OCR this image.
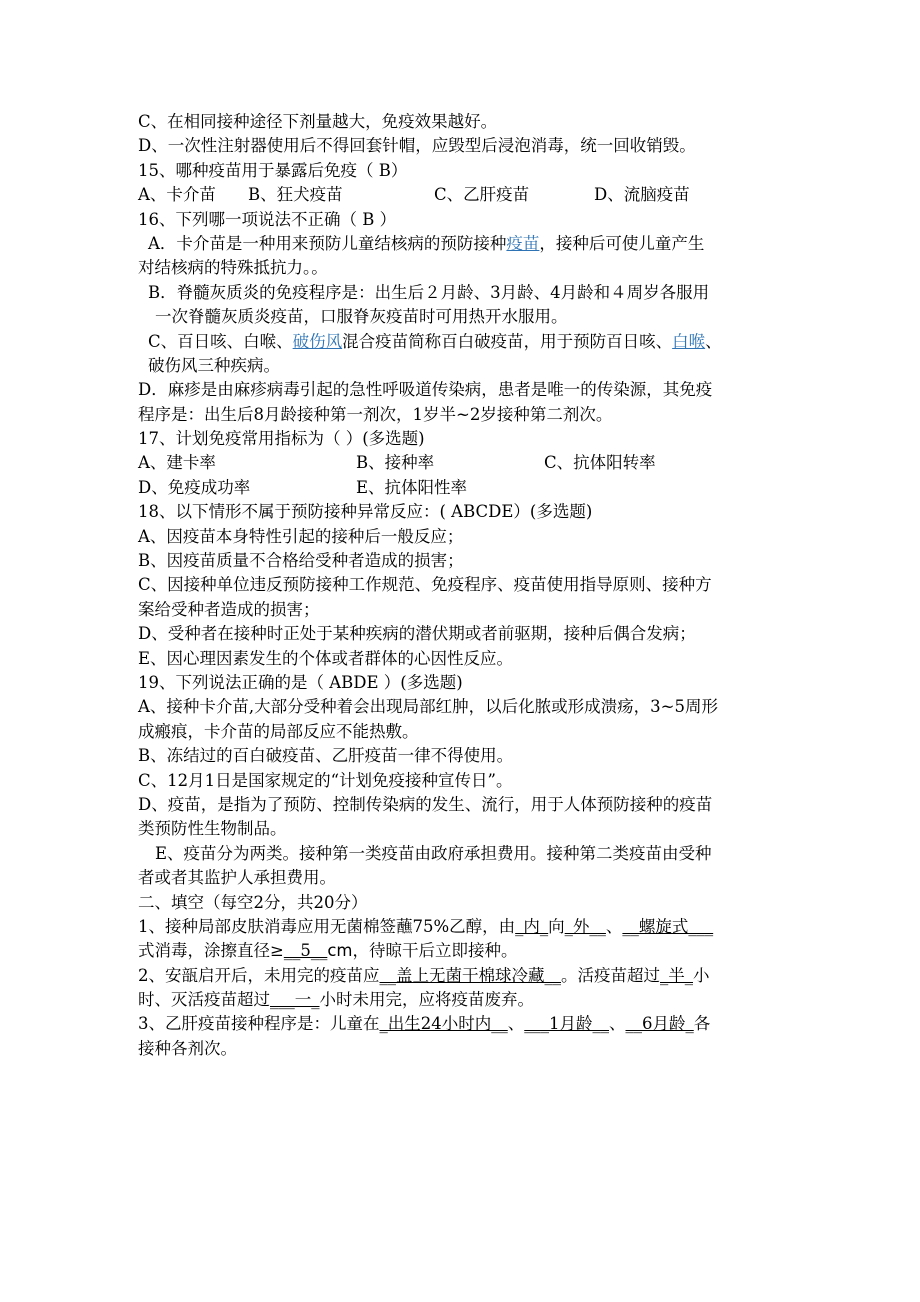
C、在相同接种途径下剂量越大，免疫效果越好。
D、一次性注射器使用后不得回套针帽，应毁型后浸泡消毒，统一回收销毁。
15、哪种疫苗用于暴露后免疫（ B）
A、卡介苗 B、狂犬疫苗	C、乙肝疫苗	D、流脑疫苗
16、下列哪一项说法不正确（ B ）
A．卡介苗是一种用来预防儿童结核病的预防接种疫苗，接种后可使儿童产生
对结核病的特殊抵抗力。。
B．脊髓灰质炎的免疫程序是：出生后２月龄、3月龄、4月龄和４周岁各服用
一次脊髓灰质炎疫苗，口服脊灰疫苗时可用热开水服用。
C、百日咳、白喉、破伤风混合疫苗简称百白破疫苗，用于预防百日咳、白喉、
破伤风三种疾病。
D．麻疹是由麻疹病毒引起的急性呼吸道传染病，患者是唯一的传染源，其免疫
程序是：出生后8月龄接种第一剂次，1岁半~2岁接种第二剂次。
17、计划免疫常用指标为（ ）(多选题)
A、建卡率	B、接种率	C、抗体阳转率
D、免疫成功率	E、抗体阳性率
18、以下情形不属于预防接种异常反应：( ABCDE）(多选题)
A、因疫苗本身特性引起的接种后一般反应；
B、因疫苗质量不合格给受种者造成的损害；
C、因接种单位违反预防接种工作规范、免疫程序、疫苗使用指导原则、接种方
案给受种者造成的损害；
D、受种者在接种时正处于某种疾病的潜伏期或者前驱期，接种后偶合发病；
E、因心理因素发生的个体或者群体的心因性反应。
19、下列说法正确的是（ ABDE ）(多选题)
A、接种卡介苗,大部分受种着会出现局部红肿，以后化脓或形成溃疡，3~5周形
成瘢痕，卡介苗的局部反应不能热敷。
B、冻结过的百白破疫苗、乙肝疫苗一律不得使用。
C、12月1日是国家规定的“计划免疫接种宣传日”。
D、疫苗，是指为了预防、控制传染病的发生、流行，用于人体预防接种的疫苗
类预防性生物制品。
E、疫苗分为两类。接种第一类疫苗由政府承担费用。接种第二类疫苗由受种
者或者其监护人承担费用。
二、填空（每空2分，共20分）
1、接种局部皮肤消毒应用无菌棉签蘸75%乙醇，由_内_向_外__、__螺旋式___
式消毒，涂擦直径≥__5__cm，待晾干后立即接种。
2、安瓿启开后，未用完的疫苗应__盖上无菌干棉球冷藏__。活疫苗超过_半_小
时、灭活疫苗超过___一_小时未用完，应将疫苗废弃。
3、乙肝疫苗接种程序是：儿童在_出生24小时内__、___1月龄__、__6月龄_各
接种各剂次。
